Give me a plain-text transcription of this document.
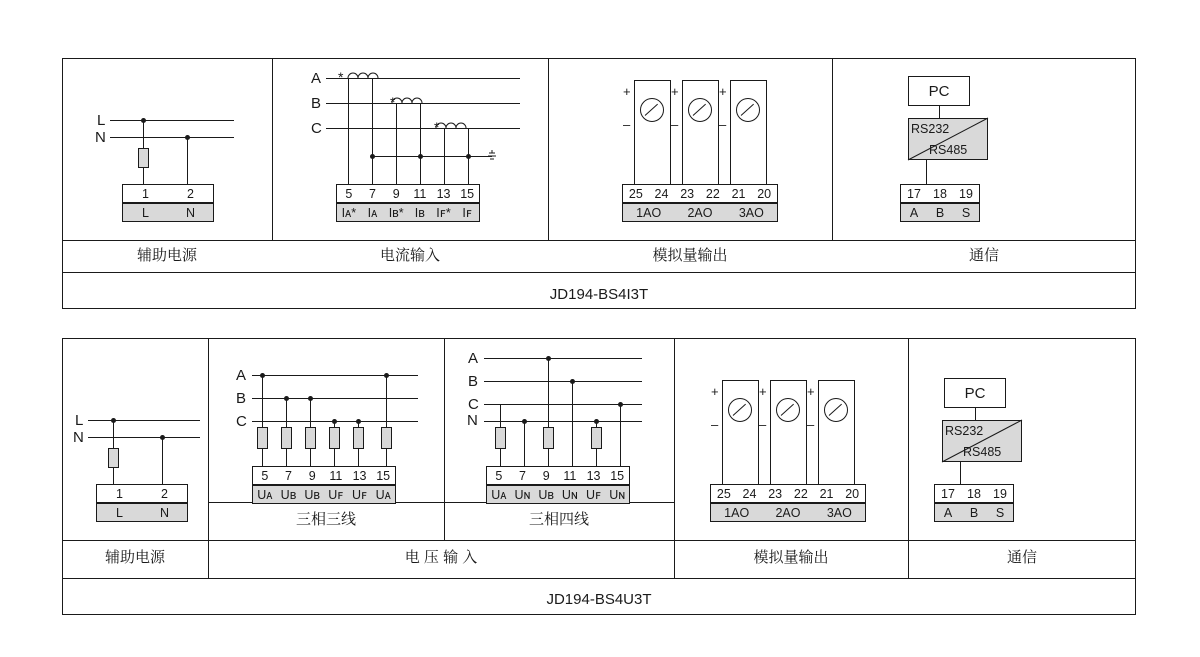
L
N
1	2
L	N
辅助电源
A
B
C
*
*
*
5	7	9	11 13 15
Iᴀ* Iᴀ Iʙ* Iʙ Iꜰ* Iꜰ
电流输入
+
–
+
–
+
–
25 24 23 22 21 20
1AO	2AO	3AO
模拟量输出
PC
RS232
RS485
17 18 19
A	B	S
通信
JD194-BS4I3T
L
N
1	2
L	N
辅助电源
A
B
C
5	7	9	11 13 15
Uᴀ Uʙ Uʙ Uꜰ Uꜰ Uᴀ
三相三线
A
B
C
N
5	7	9	11 13 15
Uᴀ Uɴ Uʙ Uɴ Uꜰ Uɴ
三相四线
电 压 输 入
+
–
+
–
+
–
25 24 23 22 21 20
1AO	2AO	3AO
模拟量输出
PC
RS232
RS485
17 18 19
A	B	S
通信
JD194-BS4U3T
